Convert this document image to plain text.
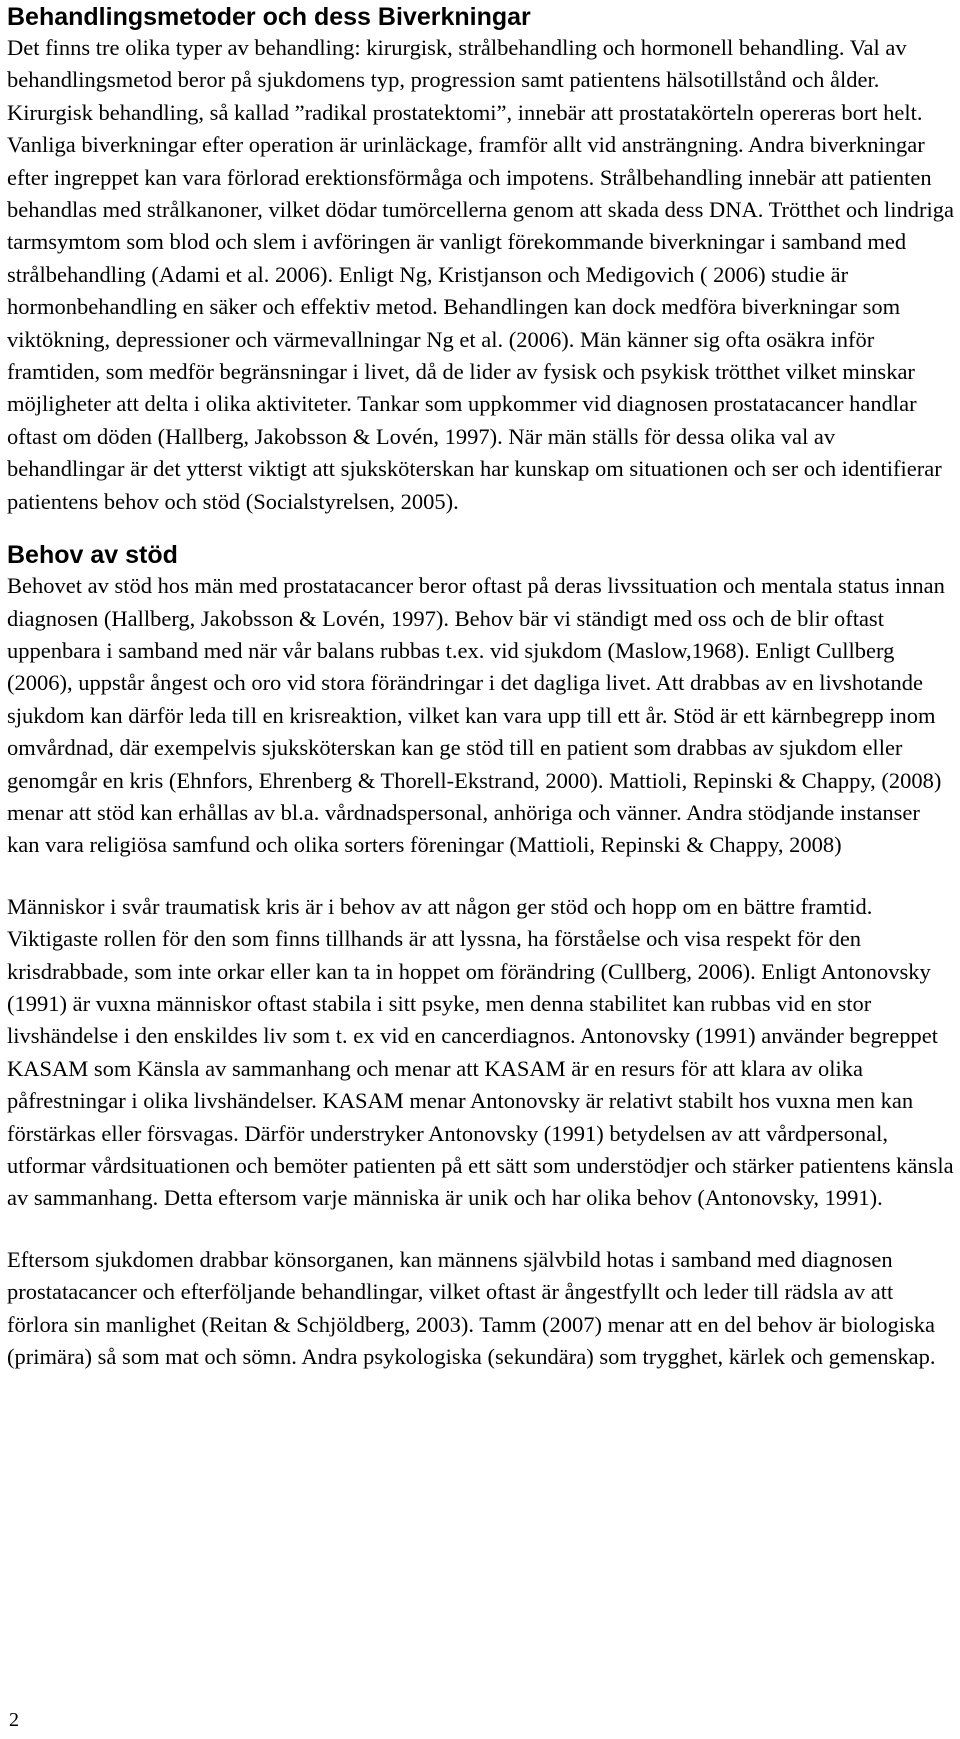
Behandlingsmetoder och dess Biverkningar

Det finns tre olika typer av behandling: kirurgisk, strålbehandling och hormonell behandling. Val av behandlingsmetod beror på sjukdomens typ, progression samt patientens hälsotillstånd och ålder. Kirurgisk behandling, så kallad ”radikal prostatektomi”, innebär att prostatakörteln opereras bort helt. Vanliga biverkningar efter operation är urinläckage, framför allt vid ansträngning. Andra biverkningar efter ingreppet kan vara förlorad erektionsförmåga och impotens. Strålbehandling innebär att patienten behandlas med strålkanoner, vilket dödar tumörcellerna genom att skada dess DNA. Trötthet och lindriga tarmsymtom som blod och slem i avföringen är vanligt förekommande biverkningar i samband med strålbehandling (Adami et al. 2006). Enligt Ng, Kristjanson och Medigovich ( 2006) studie är hormonbehandling en säker och effektiv metod. Behandlingen kan dock medföra biverkningar som viktökning, depressioner och värmevallningar Ng et al. (2006). Män känner sig ofta osäkra inför framtiden, som medför begränsningar i livet, då de lider av fysisk och psykisk trötthet vilket minskar möjligheter att delta i olika aktiviteter. Tankar som uppkommer vid diagnosen prostatacancer handlar oftast om döden (Hallberg, Jakobsson & Lovén, 1997). När män ställs för dessa olika val av behandlingar är det ytterst viktigt att sjuksköterskan har kunskap om situationen och ser och identifierar patientens behov och stöd (Socialstyrelsen, 2005).

Behov av stöd

Behovet av stöd hos män med prostatacancer beror oftast på deras livssituation och mentala status innan diagnosen (Hallberg, Jakobsson & Lovén, 1997). Behov bär vi ständigt med oss och de blir oftast uppenbara i samband med när vår balans rubbas t.ex. vid sjukdom (Maslow,1968). Enligt Cullberg (2006), uppstår ångest och oro vid stora förändringar i det dagliga livet. Att drabbas av en livshotande sjukdom kan därför leda till en krisreaktion, vilket kan vara upp till ett år. Stöd är ett kärnbegrepp inom omvårdnad, där exempelvis sjuksköterskan kan ge stöd till en patient som drabbas av sjukdom eller genomgår en kris (Ehnfors, Ehrenberg & Thorell-Ekstrand, 2000). Mattioli, Repinski & Chappy, (2008) menar att stöd kan erhållas av bl.a. vårdnadspersonal, anhöriga och vänner. Andra stödjande instanser kan vara religiösa samfund och olika sorters föreningar (Mattioli, Repinski & Chappy, 2008)

Människor i svår traumatisk kris är i behov av att någon ger stöd och hopp om en bättre framtid. Viktigaste rollen för den som finns tillhands är att lyssna, ha förståelse och visa respekt för den krisdrabbade, som inte orkar eller kan ta in hoppet om förändring (Cullberg, 2006). Enligt Antonovsky (1991) är vuxna människor oftast stabila i sitt psyke, men denna stabilitet kan rubbas vid en stor livshändelse i den enskildes liv som t. ex vid en cancerdiagnos. Antonovsky (1991) använder begreppet KASAM som Känsla av sammanhang och menar att KASAM är en resurs för att klara av olika påfrestningar i olika livshändelser. KASAM menar Antonovsky är relativt stabilt hos vuxna men kan förstärkas eller försvagas. Därför understryker Antonovsky (1991) betydelsen av att vårdpersonal, utformar vårdsituationen och bemöter patienten på ett sätt som understödjer och stärker patientens känsla av sammanhang. Detta eftersom varje människa är unik och har olika behov (Antonovsky, 1991).

Eftersom sjukdomen drabbar könsorganen, kan männens självbild hotas i samband med diagnosen prostatacancer och efterföljande behandlingar, vilket oftast är ångestfyllt och leder till rädsla av att förlora sin manlighet (Reitan & Schjöldberg, 2003). Tamm (2007) menar att en del behov är biologiska (primära) så som mat och sömn. Andra psykologiska (sekundära) som trygghet, kärlek och gemenskap.

2
